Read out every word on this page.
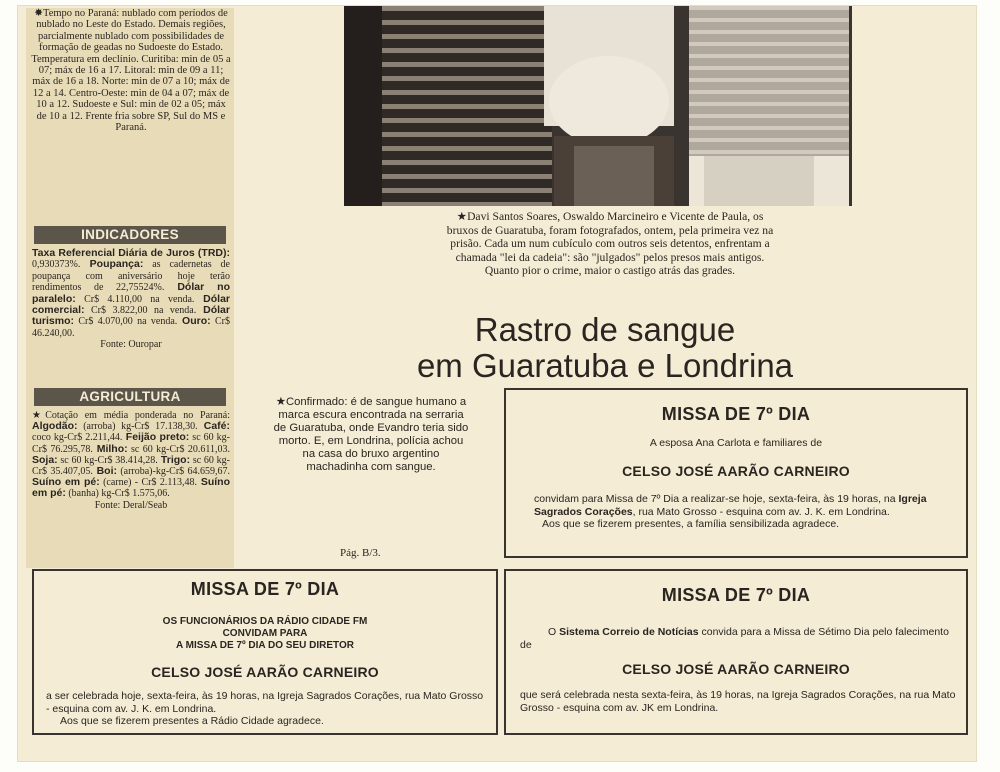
✸Tempo no Paraná: nublado com períodos de nublado no Leste do Estado. Demais regiões, parcialmente nublado com possibilidades de formação de geadas no Sudoeste do Estado. Temperatura em declínio. Curitiba: min de 05 a 07; máx de 16 a 17. Litoral: min de 09 a 11; máx de 16 a 18. Norte: min de 07 a 10; máx de 12 a 14. Centro-Oeste: min de 04 a 07; máx de 10 a 12. Sudoeste e Sul: min de 02 a 05; máx de 10 a 12. Frente fria sobre SP, Sul do MS e Paraná.
INDICADORES
Taxa Referencial Diária de Juros (TRD): 0,930373%. Poupança: as cadernetas de poupança com aniversário hoje terão rendimentos de 22,75524%. Dólar no paralelo: Cr$ 4.110,00 na venda. Dólar comercial: Cr$ 3.822,00 na venda. Dólar turismo: Cr$ 4.070,00 na venda. Ouro: Cr$ 46.240,00.
Fonte: Ouropar
AGRICULTURA
★Cotação em média ponderada no Paraná: Algodão: (arroba) kg-Cr$ 17.138,30. Café: coco kg-Cr$ 2.211,44. Feijão preto: sc 60 kg-Cr$ 76.295,78. Milho: sc 60 kg-Cr$ 20.611,03. Soja: sc 60 kg-Cr$ 38.414,28. Trigo: sc 60 kg-Cr$ 35.407,05. Boi: (arroba)-kg-Cr$ 64.659,67. Suíno em pé: (carne) - Cr$ 2.113,48. Suíno em pé: (banha) kg-Cr$ 1.575,06.
Fonte: Deral/Seab
★Davi Santos Soares, Oswaldo Marcineiro e Vicente de Paula, os bruxos de Guaratuba, foram fotografados, ontem, pela primeira vez na prisão. Cada um num cubículo com outros seis detentos, enfrentam a chamada "lei da cadeia": são "julgados" pelos presos mais antigos. Quanto pior o crime, maior o castigo atrás das grades.
Rastro de sangue
em Guaratuba e Londrina
★Confirmado: é de sangue humano a marca escura encontrada na serraria de Guaratuba, onde Evandro teria sido morto. E, em Londrina, polícia achou na casa do bruxo argentino machadinha com sangue.
Pág. B/3.
MISSA DE 7º DIA
A esposa Ana Carlota e familiares de
CELSO JOSÉ AARÃO CARNEIRO
convidam para Missa de 7º Dia a realizar-se hoje, sexta-feira, às 19 horas, na Igreja Sagrados Corações, rua Mato Grosso - esquina com av. J. K. em Londrina.
Aos que se fizerem presentes, a família sensibilizada agradece.
MISSA DE 7º DIA
OS FUNCIONÁRIOS DA RÁDIO CIDADE FM
CONVIDAM PARA
A MISSA DE 7º DIA DO SEU DIRETOR
CELSO JOSÉ AARÃO CARNEIRO
a ser celebrada hoje, sexta-feira, às 19 horas, na Igreja Sagrados Corações, rua Mato Grosso - esquina com av. J. K. em Londrina.
Aos que se fizerem presentes a Rádio Cidade agradece.
MISSA DE 7º DIA
O Sistema Correio de Notícias convida para a Missa de Sétimo Dia pelo falecimento de
CELSO JOSÉ AARÃO CARNEIRO
que será celebrada nesta sexta-feira, às 19 horas, na Igreja Sagrados Corações, na rua Mato Grosso - esquina com av. JK em Londrina.
